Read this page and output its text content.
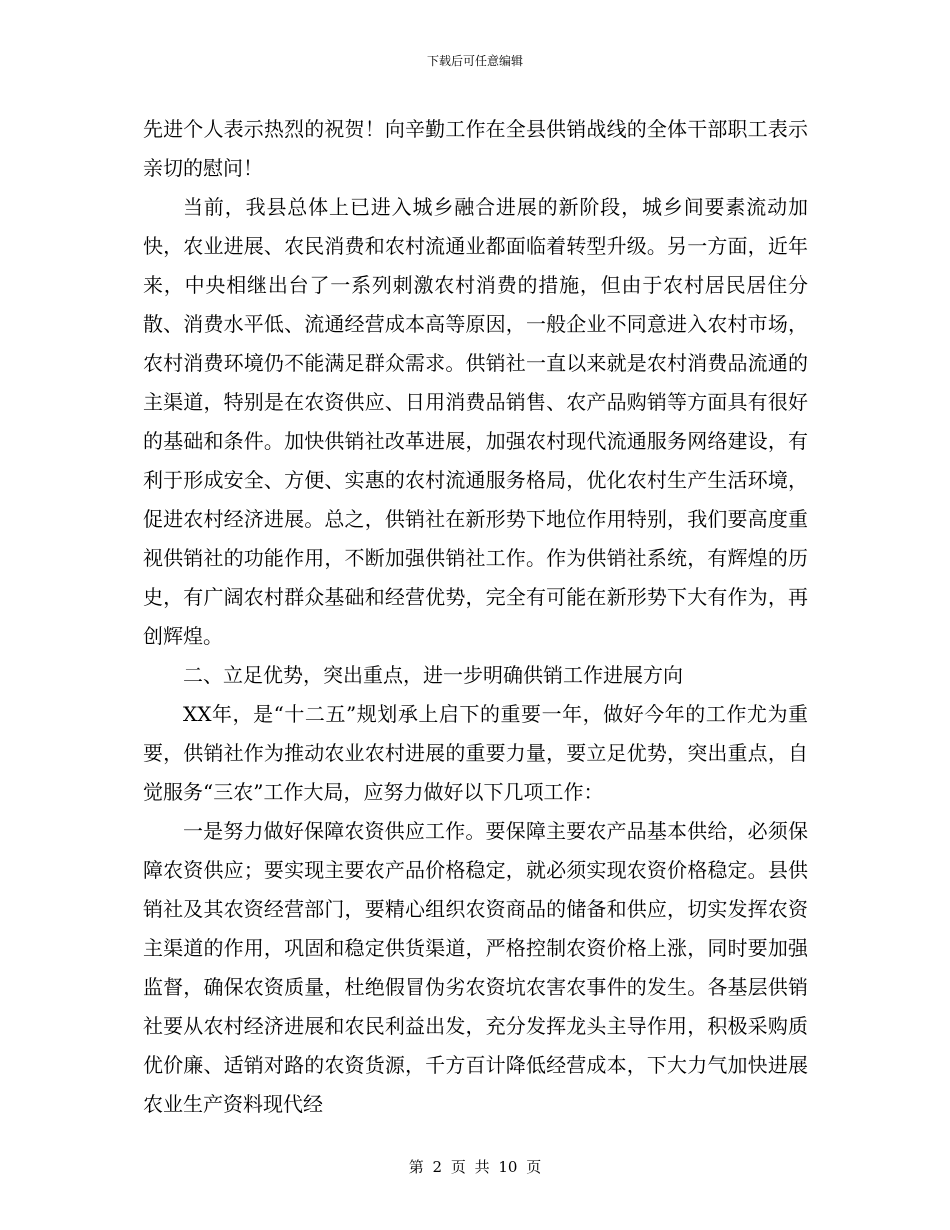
下载后可任意编辑

先进个人表示热烈的祝贺！向辛勤工作在全县供销战线的全体干部职工表示亲切的慰问！

当前，我县总体上已进入城乡融合进展的新阶段，城乡间要素流动加快，农业进展、农民消费和农村流通业都面临着转型升级。另一方面，近年来，中央相继出台了一系列刺激农村消费的措施，但由于农村居民居住分散、消费水平低、流通经营成本高等原因，一般企业不同意进入农村市场，农村消费环境仍不能满足群众需求。供销社一直以来就是农村消费品流通的主渠道，特别是在农资供应、日用消费品销售、农产品购销等方面具有很好的基础和条件。加快供销社改革进展，加强农村现代流通服务网络建设，有利于形成安全、方便、实惠的农村流通服务格局，优化农村生产生活环境，促进农村经济进展。总之，供销社在新形势下地位作用特别，我们要高度重视供销社的功能作用，不断加强供销社工作。作为供销社系统，有辉煌的历史，有广阔农村群众基础和经营优势，完全有可能在新形势下大有作为，再创辉煌。

二、立足优势，突出重点，进一步明确供销工作进展方向

XX年，是“十二五”规划承上启下的重要一年，做好今年的工作尤为重要，供销社作为推动农业农村进展的重要力量，要立足优势，突出重点，自觉服务“三农”工作大局，应努力做好以下几项工作：

一是努力做好保障农资供应工作。要保障主要农产品基本供给，必须保障农资供应；要实现主要农产品价格稳定，就必须实现农资价格稳定。县供销社及其农资经营部门，要精心组织农资商品的储备和供应，切实发挥农资主渠道的作用，巩固和稳定供货渠道，严格控制农资价格上涨，同时要加强监督，确保农资质量，杜绝假冒伪劣农资坑农害农事件的发生。各基层供销社要从农村经济进展和农民利益出发，充分发挥龙头主导作用，积极采购质优价廉、适销对路的农资货源，千方百计降低经营成本，下大力气加快进展农业生产资料现代经

第 2 页 共 10 页
